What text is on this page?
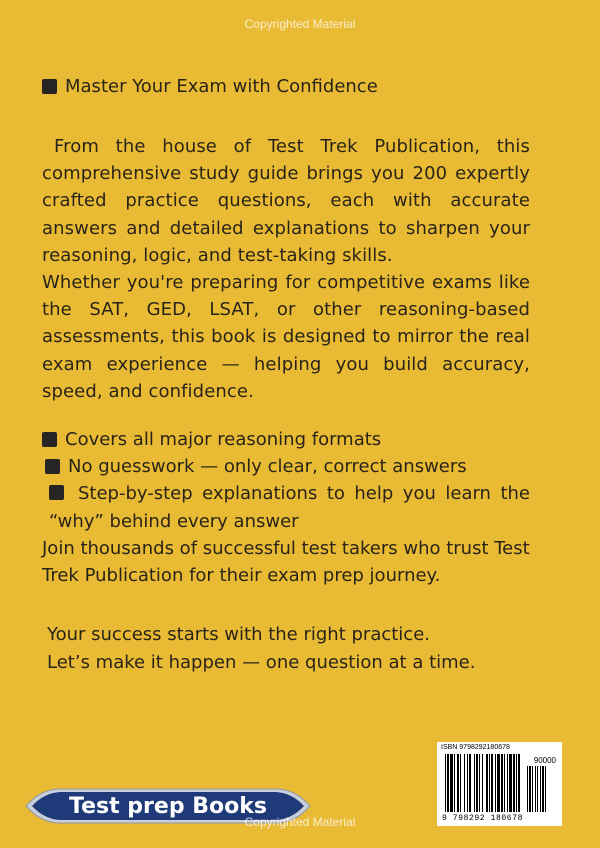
Copyrighted Material
Master Your Exam with Confidence
From the house of Test Trek Publication, this comprehensive study guide brings you 200 expertly crafted practice questions, each with accurate answers and detailed explanations to sharpen your reasoning, logic, and test-taking skills.
Whether you're preparing for competitive exams like the SAT, GED, LSAT, or other reasoning-based assessments, this book is designed to mirror the real exam experience — helping you build accuracy, speed, and confidence.
Covers all major reasoning formats
No guesswork — only clear, correct answers
Step-by-step explanations to help you learn the “why” behind every answer
Join thousands of successful test takers who trust Test Trek Publication for their exam prep journey.
Your success starts with the right practice.
Let’s make it happen — one question at a time.
ISBN 9798292180678
90000
9 798292 180678
Test prep Books
Copyrighted Material
